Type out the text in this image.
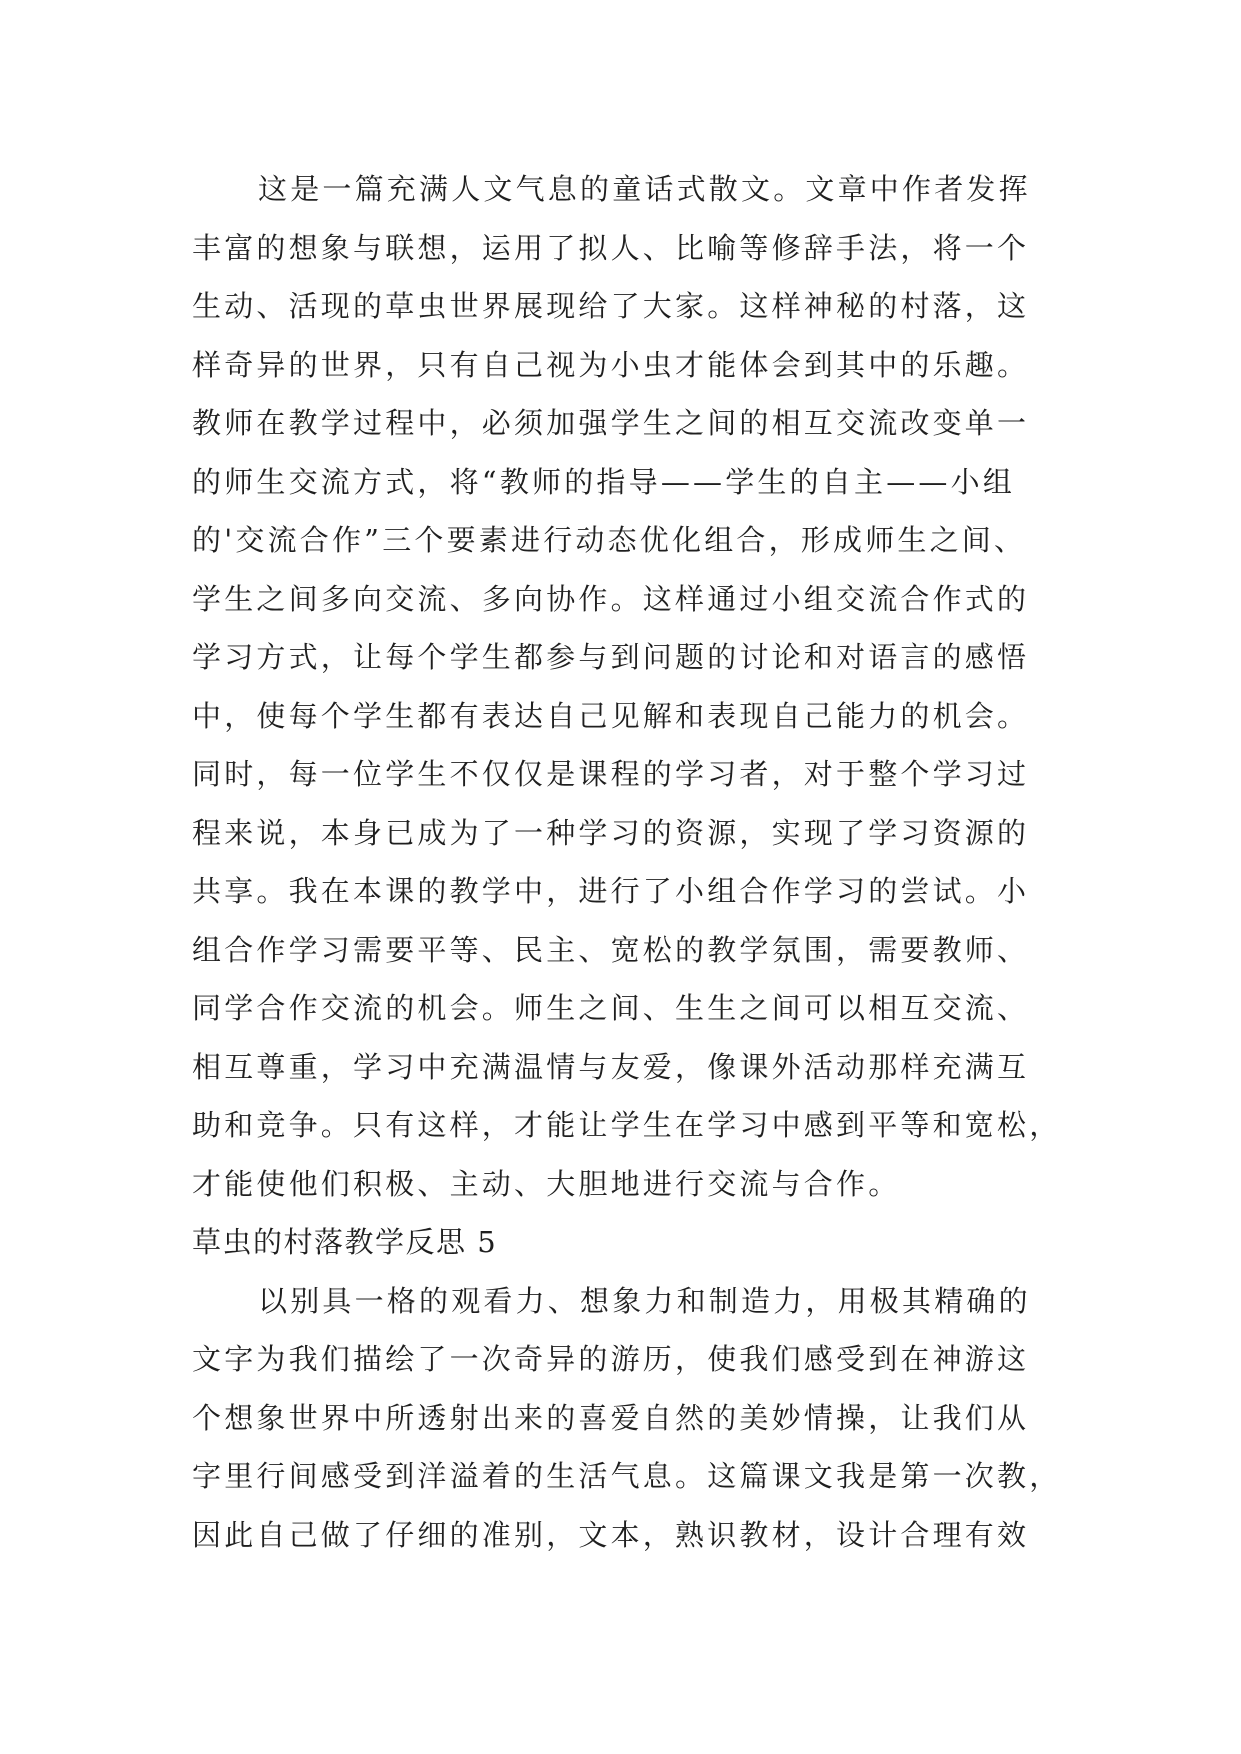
这是一篇充满人文气息的童话式散文。文章中作者发挥
丰富的想象与联想，运用了拟人、比喻等修辞手法，将一个
生动、活现的草虫世界展现给了大家。这样神秘的村落，这
样奇异的世界，只有自己视为小虫才能体会到其中的乐趣。
教师在教学过程中，必须加强学生之间的相互交流改变单一
的师生交流方式，将“教师的指导——学生的自主——小组
的'交流合作”三个要素进行动态优化组合，形成师生之间、
学生之间多向交流、多向协作。这样通过小组交流合作式的
学习方式，让每个学生都参与到问题的讨论和对语言的感悟
中，使每个学生都有表达自己见解和表现自己能力的机会。
同时，每一位学生不仅仅是课程的学习者，对于整个学习过
程来说，本身已成为了一种学习的资源，实现了学习资源的
共享。我在本课的教学中，进行了小组合作学习的尝试。小
组合作学习需要平等、民主、宽松的教学氛围，需要教师、
同学合作交流的机会。师生之间、生生之间可以相互交流、
相互尊重，学习中充满温情与友爱，像课外活动那样充满互
助和竞争。只有这样，才能让学生在学习中感到平等和宽松，
才能使他们积极、主动、大胆地进行交流与合作。
草虫的村落教学反思 5
以别具一格的观看力、想象力和制造力，用极其精确的
文字为我们描绘了一次奇异的游历，使我们感受到在神游这
个想象世界中所透射出来的喜爱自然的美妙情操，让我们从
字里行间感受到洋溢着的生活气息。这篇课文我是第一次教，
因此自己做了仔细的准别，文本，熟识教材，设计合理有效
